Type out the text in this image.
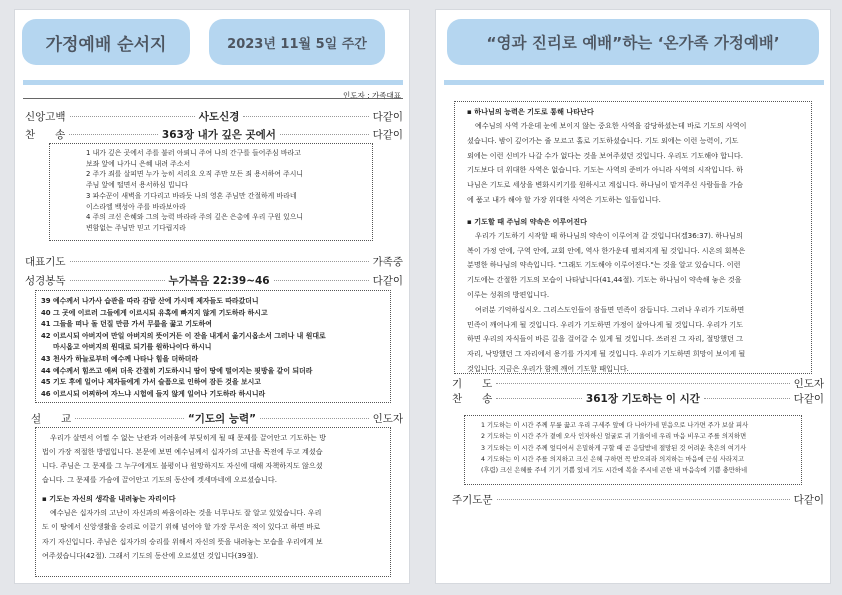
가정예배 순서지	2023년 11월 5일 주간
인도자 : 가족대표
신앙고백	사도신경	다같이
찬      송	363장 내가 깊은 곳에서	다같이
1 내가 깊은 곳에서 주를 불러 아뢰니 주여 나의 간구를 들어주심 바라고
보좌 앞에 나가니 은혜 내려 주소서
2 주가 죄를 살피면 누가 능히 서리요 오직 주만 모든 죄 용서하여 주시니
주님 앞에 떨면서 용서하심 빕니다
3 파수꾼이 새벽을 기다리고 바라듯 나의 영혼 주님만 간절하게 바라네
이스라엘 백성아 주를 바라보아라
4 주의 크신 은혜와 그의 능력 바라라 주의 깊은 은총에 우리 구원 있으니
변함없는 주님만 믿고 기다립지라
대표기도	가족중
성경봉독	누가복음 22:39~46	다같이
39 예수께서 나가사 습관을 따라 감람 산에 가시매 제자들도 따라갔더니
40 그 곳에 이르러 그들에게 이르시되 유혹에 빠지지 않게 기도하라 하시고
41 그들을 떠나 돌 던질 만큼 가서 무릎을 꿇고 기도하여
42 이르시되 아버지여 만일 아버지의 뜻이거든 이 잔을 내게서 옮기시옵소서 그러나 내 원대로
마시옵고 아버지의 원대로 되기를 원하나이다 하시니
43 천사가 하늘로부터 예수께 나타나 힘을 더하더라
44 예수께서 힘쓰고 애써 더욱 간절히 기도하시니 땀이 땅에 떨어지는 핏방울 같이 되더라
45 기도 후에 일어나 제자들에게 가서 슬픔으로 인하여 잠든 것을 보시고
46 이르시되 어찌하여 자느냐 시험에 들지 않게 일어나 기도하라 하시니라
설      교	“기도의 능력”	인도자

우리가 살면서 어쩔 수 없는 난관과 어려움에 부딪히게 될 때 문제를 끌어안고 기도하는 방

법이 가장 적절한 방법입니다. 본문에 보면 예수님께서 십자가의 고난을 목전에 두고 계셨습

니다. 주님은 그 문제를 그 누구에게도 불평이나 원망하지도 자신에 대해 자책하지도 않으셨

습니다. 그 문제를 가슴에 끌어안고 기도의 동산에 겟세마네에 오르셨습니다.

▪ 기도는 자신의 생각을 내려놓는 자리이다

예수님은 십자가의 고난이 자신과의 싸움이라는 것을 너무나도 잘 알고 있었습니다. 우리

도 이 땅에서 신앙생활을 승리로 이끌기 위해 넘어야 할 가장 무서운 적이 있다고 하면 바로

자기 자신입니다. 주님은 십자가의 승리를 위해서 자신의 뜻을 내려놓는 모습을 우리에게 보

여주셨습니다(42절). 그래서 기도의 동산에 오르셨던 것입니다(39절).

“영과 진리로 예배”하는 ‘온가족 가정예배’

▪ 하나님의 능력은 기도로 통해 나타난다

예수님의 사역 가운데 눈에 보이지 않는 중요한 사역을 감당하셨는데 바로 기도의 사역이

셨습니다. 밤이 깊어가는 줄 모르고 홀로 기도하셨습니다. 기도 외에는 이런 능력이, 기도

외에는 이런 신비가 나갈 수가 없다는 것을 보여주셨던 것입니다. 우리도 기도해야 합니다.

기도보다 더 위대한 사역은 없습니다. 기도는 사역의 준비가 아니라 사역의 시작입니다. 하

나님은 기도로 세상을 변화시키기를 원하시고 계십니다. 하나님이 맡겨주신 사람들을 가슴

에 품고 내가 해야 할 가장 위대한 사역은 기도하는 일들입니다.

▪ 기도할 때 주님의 약속은 이루어진다

우리가 기도하기 시작할 때 하나님의 약속이 이루어져 갈 것입니다(겔36:37). 하나님의

복이 가정 안에, 구역 안에, 교회 안에, 역사 한가운데 펼쳐지게 될 것입니다. 시온의 회복은

분명한 하나님의 약속입니다. "그래도 기도해야 이루어진다."는 것을 알고 있습니다. 이런

기도에는 간절한 기도의 모습이 나타납니다(41,44절). 기도는 하나님이 약속해 놓은 것을

이루는 성취의 방편입니다.

여러분 기억하십시오. 그리스도인들이 잠들면 민족이 잠듭니다. 그러나 우리가 기도하면

민족이 깨어나게 될 것입니다. 우리가 기도하면 가정이 살아나게 될 것입니다. 우리가 기도

하면 우리의 자식들이 바른 길을 걸어갈 수 있게 될 것입니다. 쓰러진 그 자리, 절망했던 그

자리, 낙망했던 그 자리에서 용기를 가지게 될 것입니다. 우리가 기도하면 희망이 보이게 될

것입니다. 지금은 우리가 함께 깨어 기도할 때입니다.

기      도	인도자
찬      송	361장 기도하는 이 시간	다같이
1 기도하는 이 시간 주께 무릎 꿇고 우리 구세주 앞에 다 나아가네 믿음으로 나가면 주가 보살 피사
2 기도하는 이 시간 주가 곁에 오사 인자하신 얼굴로 귀 기울이네 우리 마음 비우고 주를 의지하면
3 기도하는 이 시간 주께 엎디어서 은밀하게 구할 때 곧 응답받네 절망된 것 어려운 축은의 여기사
4 기도하는 이 시간 주를 의지하고 크신 은혜 구하면 꼭 받으리라 의지하는 마음에 근심 사라지고
(후렴) 크신 은혜를 주네 기기 기쁨 있네 기도 시간에 복을 주시네 곤한 내 마음속에 기쁨 충만하네
주기도문	다같이
